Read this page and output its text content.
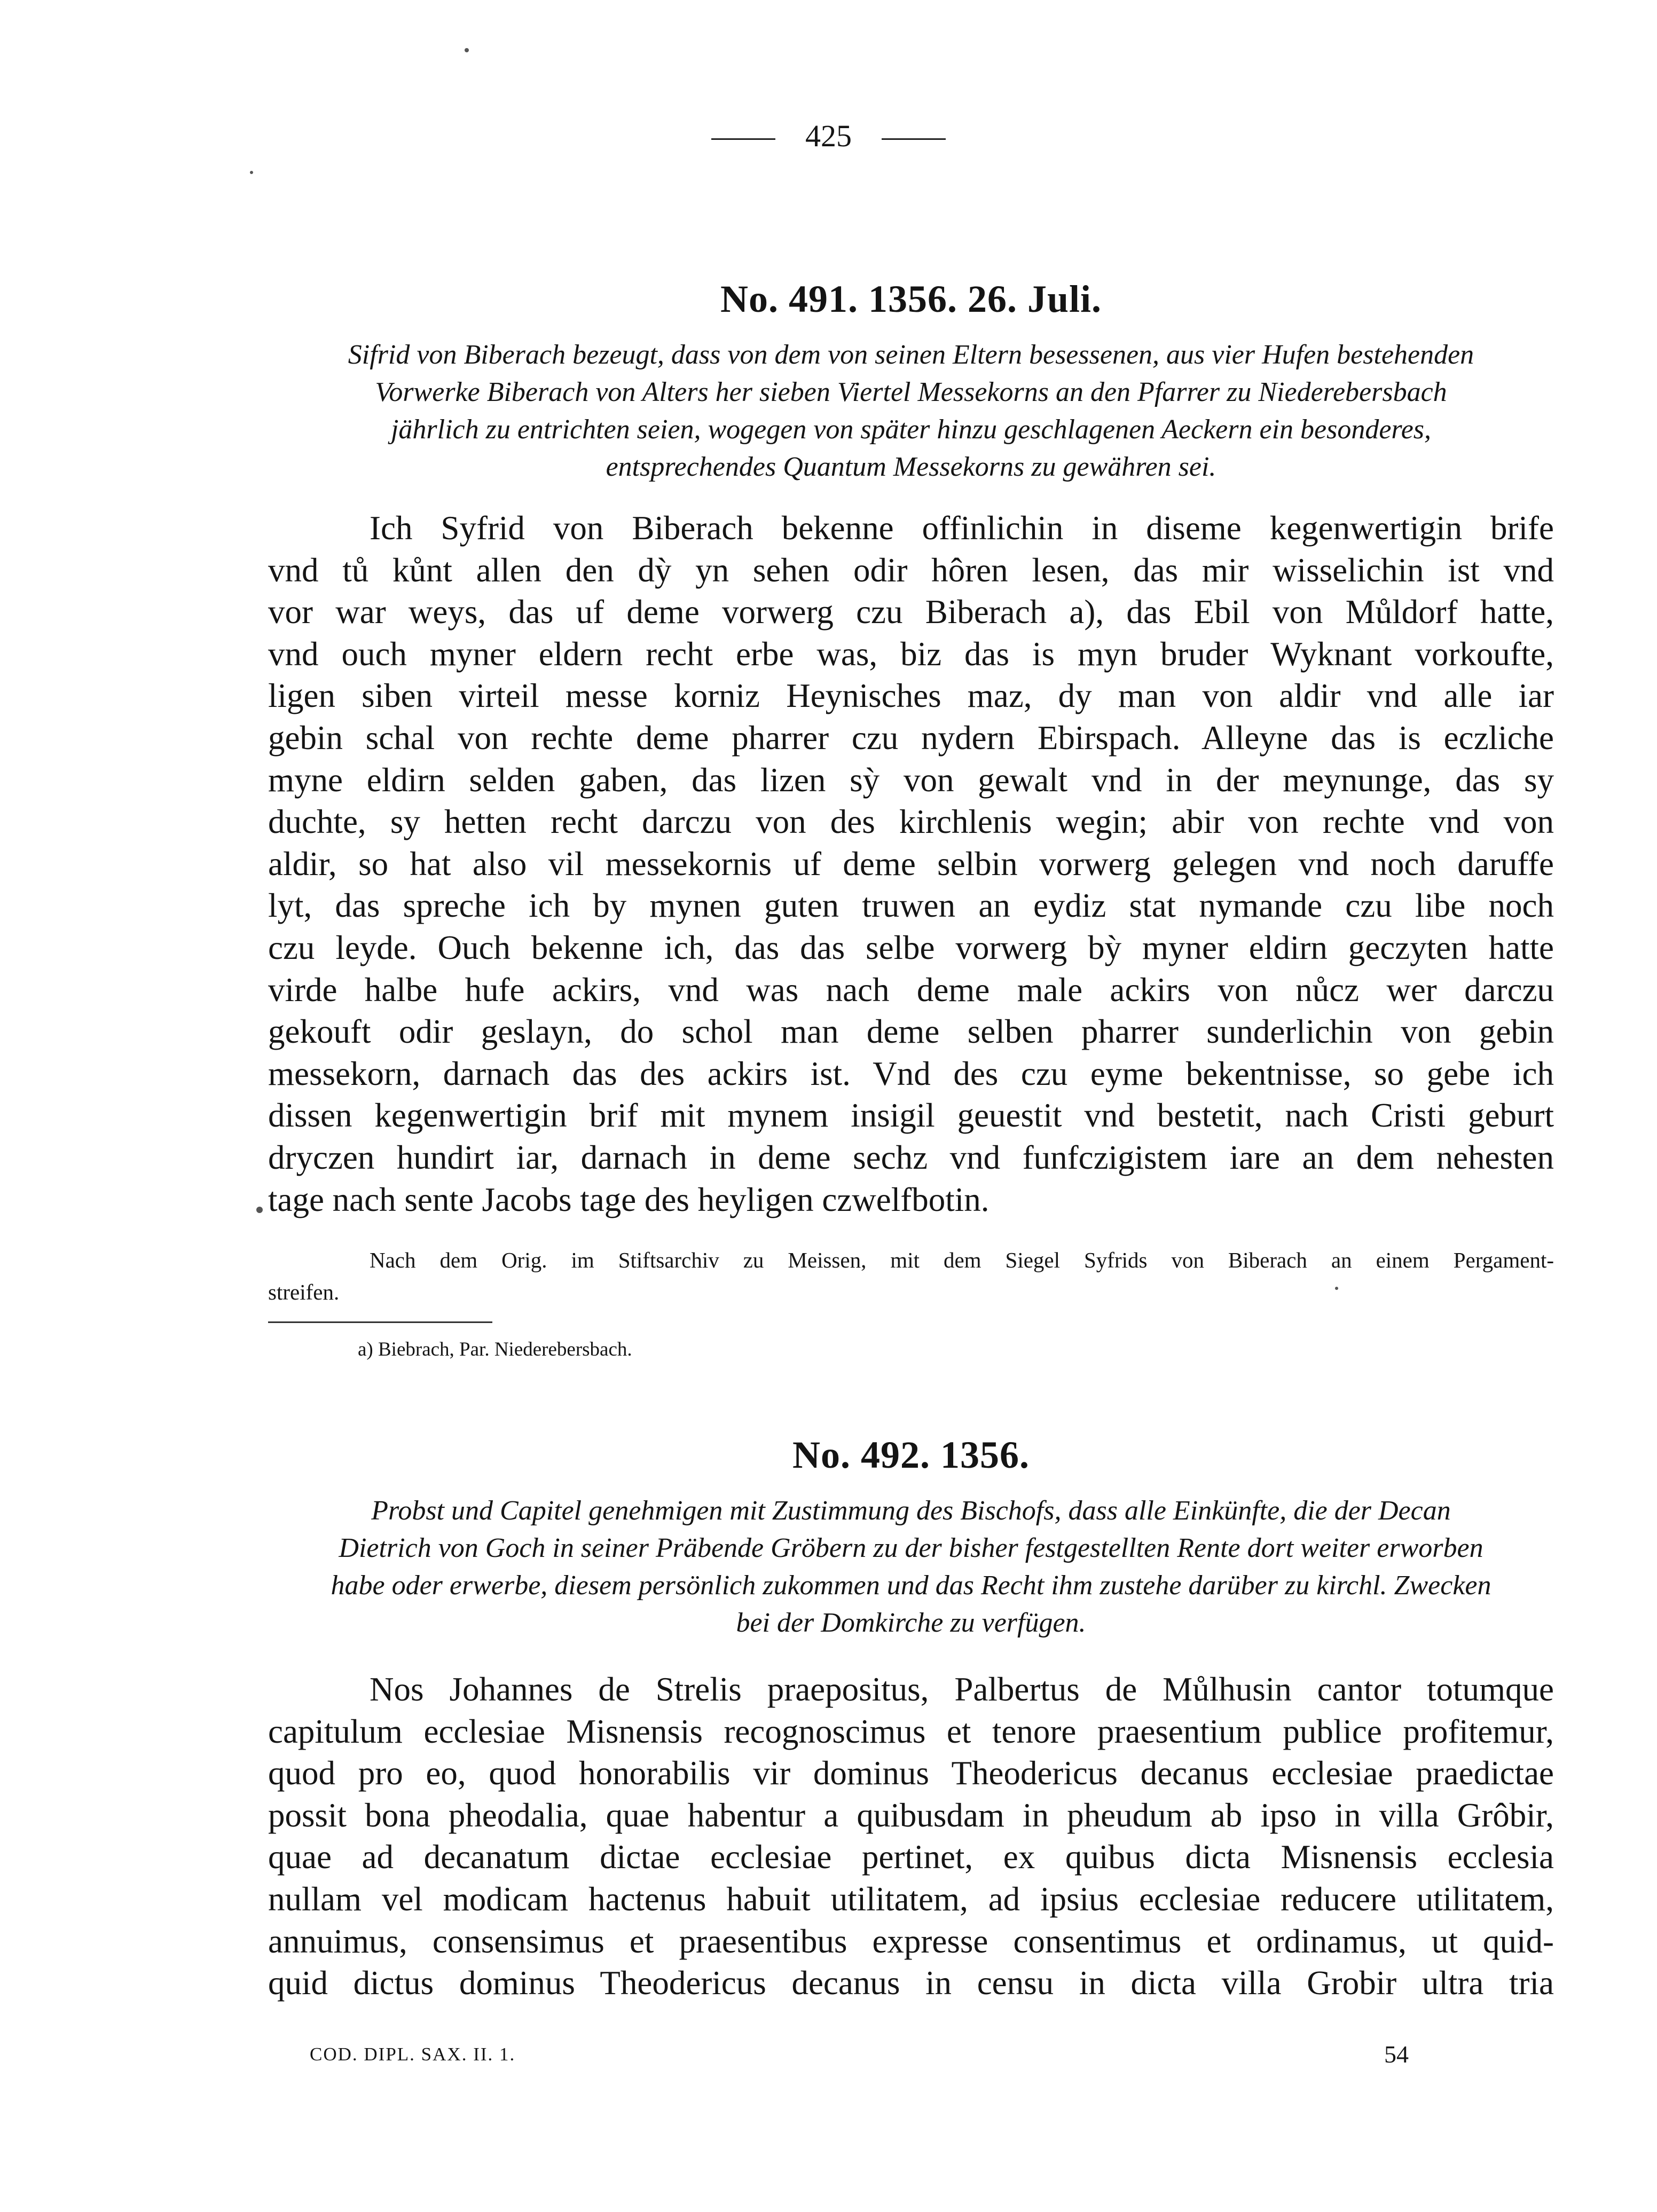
425
No. 491. 1356. 26. Juli.

Sifrid von Biberach bezeugt, dass von dem von seinen Eltern besessenen, aus vier Hufen bestehenden
Vorwerke Biberach von Alters her sieben Viertel Messekorns an den Pfarrer zu Niederebersbach
jährlich zu entrichten seien, wogegen von später hinzu geschlagenen Aeckern ein besonderes,
entsprechendes Quantum Messekorns zu gewähren sei.

Ich Syfrid von Biberach bekenne offinlichin in diseme kegenwertigin brife
vnd tů kůnt allen den dỳ yn sehen odir hôren lesen, das mir wisselichin ist vnd
vor war weys, das uf deme vorwerg czu Biberach a), das Ebil von Můldorf hatte,
vnd ouch myner eldern recht erbe was, biz das is myn bruder Wyknant vorkoufte,
ligen siben virteil messe korniz Heynisches maz, dy man von aldir vnd alle iar
gebin schal von rechte deme pharrer czu nydern Ebirspach. Alleyne das is eczliche
myne eldirn selden gaben, das lizen sỳ von gewalt vnd in der meynunge, das sy
duchte, sy hetten recht darczu von des kirchlenis wegin; abir von rechte vnd von
aldir, so hat also vil messekornis uf deme selbin vorwerg gelegen vnd noch daruffe
lyt, das spreche ich by mynen guten truwen an eydiz stat nymande czu libe noch
czu leyde. Ouch bekenne ich, das das selbe vorwerg bỳ myner eldirn geczyten hatte
virde halbe hufe ackirs, vnd was nach deme male ackirs von nůcz wer darczu
gekouft odir geslayn, do schol man deme selben pharrer sunderlichin von gebin
messekorn, darnach das des ackirs ist. Vnd des czu eyme bekentnisse, so gebe ich
dissen kegenwertigin brif mit mynem insigil geuestit vnd bestetit, nach Cristi geburt
dryczen hundirt iar, darnach in deme sechz vnd funfczigistem iare an dem nehesten
tage nach sente Jacobs tage des heyligen czwelfbotin.

Nach dem Orig. im Stiftsarchiv zu Meissen, mit dem Siegel Syfrids von Biberach an einem Pergament-
streifen.

a) Biebrach, Par. Niederebersbach.

No. 492. 1356.

Probst und Capitel genehmigen mit Zustimmung des Bischofs, dass alle Einkünfte, die der Decan
Dietrich von Goch in seiner Präbende Gröbern zu der bisher festgestellten Rente dort weiter erworben
habe oder erwerbe, diesem persönlich zukommen und das Recht ihm zustehe darüber zu kirchl. Zwecken
bei der Domkirche zu verfügen.

Nos Johannes de Strelis praepositus, Palbertus de Můlhusin cantor totumque
capitulum ecclesiae Misnensis recognoscimus et tenore praesentium publice profitemur,
quod pro eo, quod honorabilis vir dominus Theodericus decanus ecclesiae praedictae
possit bona pheodalia, quae habentur a quibusdam in pheudum ab ipso in villa Grôbir,
quae ad decanatum dictae ecclesiae pertinet, ex quibus dicta Misnensis ecclesia
nullam vel modicam hactenus habuit utilitatem, ad ipsius ecclesiae reducere utilitatem,
annuimus, consensimus et praesentibus expresse consentimus et ordinamus, ut quid-
quid dictus dominus Theodericus decanus in censu in dicta villa Grobir ultra tria

COD. DIPL. SAX. II. 1.	54
